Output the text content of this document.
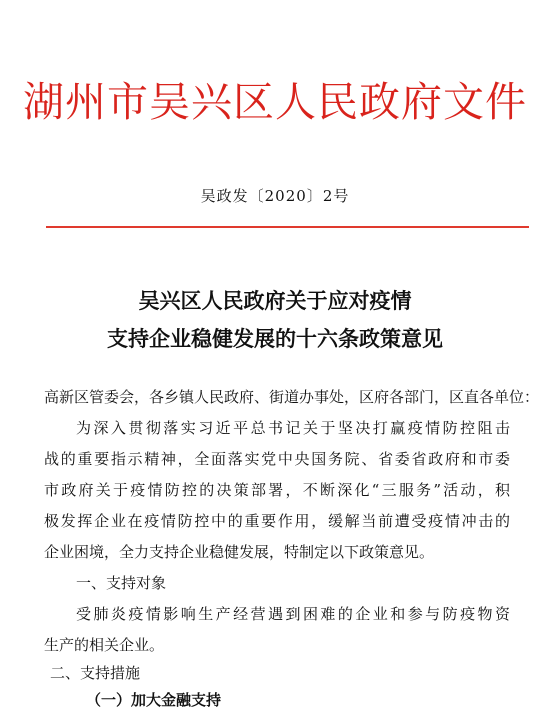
湖州市吴兴区人民政府文件
吴政发〔2020〕2号
吴兴区人民政府关于应对疫情
支持企业稳健发展的十六条政策意见
高新区管委会，各乡镇人民政府、街道办事处，区府各部门，区直各单位：
为深入贯彻落实习近平总书记关于坚决打赢疫情防控阻击
战的重要指示精神，全面落实党中央国务院、省委省政府和市委
市政府关于疫情防控的决策部署，不断深化“三服务”活动，积
极发挥企业在疫情防控中的重要作用，缓解当前遭受疫情冲击的
企业困境，全力支持企业稳健发展，特制定以下政策意见。
一、支持对象
受肺炎疫情影响生产经营遇到困难的企业和参与防疫物资
生产的相关企业。
二、支持措施
（一）加大金融支持
